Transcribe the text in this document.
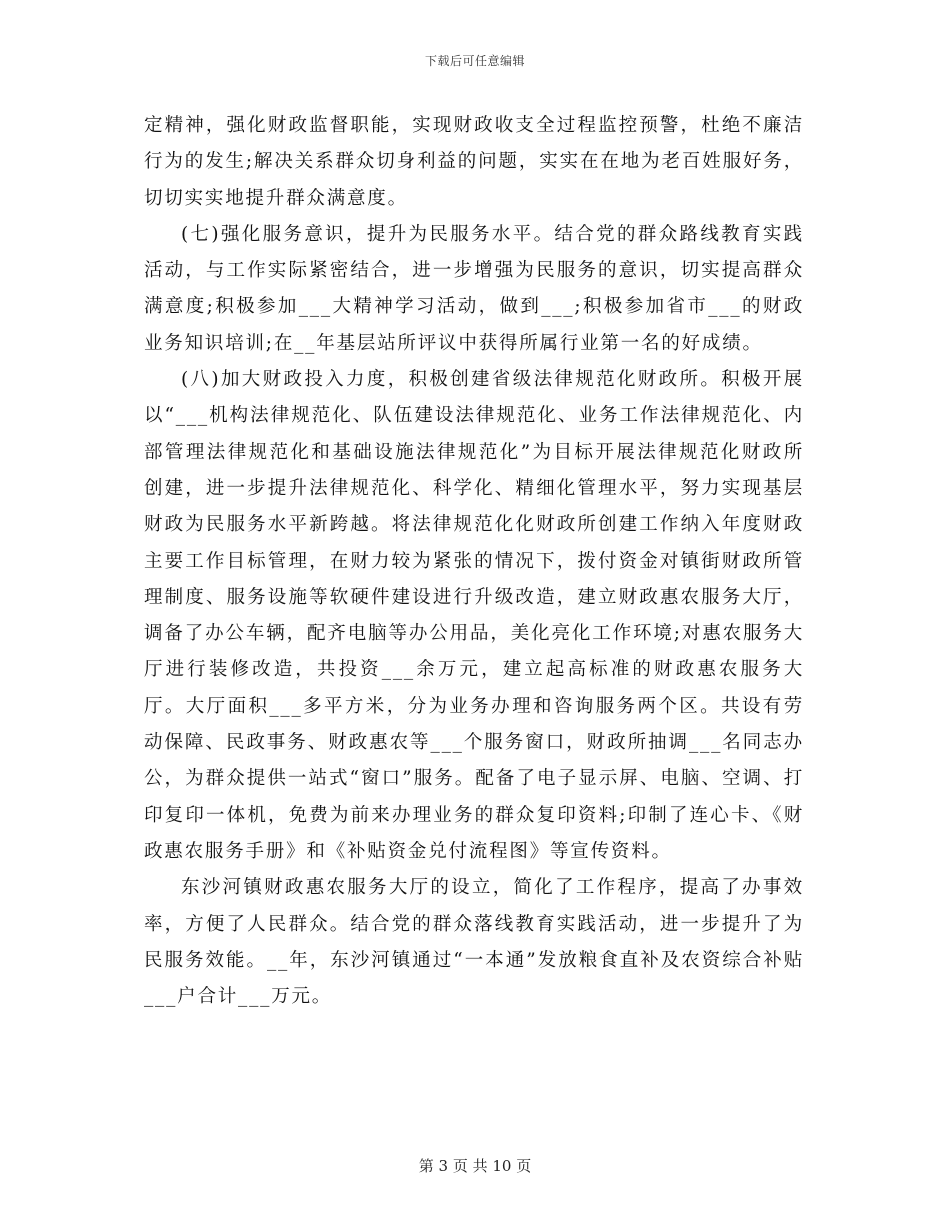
下载后可任意编辑

定精神，强化财政监督职能，实现财政收支全过程监控预警，杜绝不廉洁行为的发生;解决关系群众切身利益的问题，实实在在地为老百姓服好务，切切实实地提升群众满意度。

(七)强化服务意识，提升为民服务水平。结合党的群众路线教育实践活动，与工作实际紧密结合，进一步增强为民服务的意识，切实提高群众满意度;积极参加___大精神学习活动，做到___;积极参加省市___的财政业务知识培训;在__年基层站所评议中获得所属行业第一名的好成绩。

(八)加大财政投入力度，积极创建省级法律规范化财政所。积极开展以“___机构法律规范化、队伍建设法律规范化、业务工作法律规范化、内部管理法律规范化和基础设施法律规范化”为目标开展法律规范化财政所创建，进一步提升法律规范化、科学化、精细化管理水平，努力实现基层财政为民服务水平新跨越。将法律规范化化财政所创建工作纳入年度财政主要工作目标管理，在财力较为紧张的情况下，拨付资金对镇街财政所管理制度、服务设施等软硬件建设进行升级改造，建立财政惠农服务大厅，调备了办公车辆，配齐电脑等办公用品，美化亮化工作环境;对惠农服务大厅进行装修改造，共投资___余万元，建立起高标准的财政惠农服务大厅。大厅面积___多平方米，分为业务办理和咨询服务两个区。共设有劳动保障、民政事务、财政惠农等___个服务窗口，财政所抽调___名同志办公，为群众提供一站式“窗口”服务。配备了电子显示屏、电脑、空调、打印复印一体机，免费为前来办理业务的群众复印资料;印制了连心卡、《财政惠农服务手册》和《补贴资金兑付流程图》等宣传资料。

东沙河镇财政惠农服务大厅的设立，简化了工作程序，提高了办事效率，方便了人民群众。结合党的群众落线教育实践活动，进一步提升了为民服务效能。__年，东沙河镇通过“一本通”发放粮食直补及农资综合补贴___户合计___万元。

第 3 页 共 10 页
